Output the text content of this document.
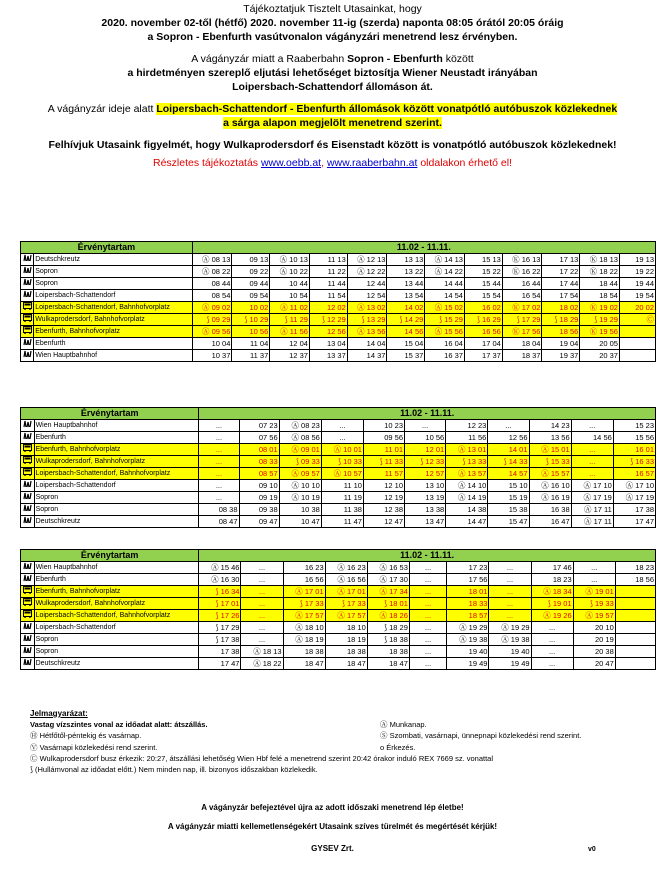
Tájékoztatjuk Tisztelt Utasainkat, hogy
2020. november 02-től (hétfő) 2020. november 11-ig (szerda) naponta 08:05 órától 20:05 óráig
a Sopron - Ebenfurth vasútvonalon vágányzári menetrend lesz érvényben.
A vágányzár miatt a Raaberbahn Sopron - Ebenfurth között
a hirdetményen szereplő eljutási lehetőséget biztosítja Wiener Neustadt irányában
Loipersbach-Schattendorf állomáson át.
A vágányzár ideje alatt Loipersbach-Schattendorf - Ebenfurth állomások között vonatpótló autóbuszok közlekednek
a sárga alapon megjelölt menetrend szerint.
Felhívjuk Utasaink figyelmét, hogy Wulkaprodersdorf és Eisenstadt között is vonatpótló autóbuszok közlekednek!
Részletes tájékoztatás www.oebb.at, www.raaberbahn.at oldalakon érhető el!
Érvénytartam		11.02 - 11.11.											
	Deutschkreutz	Ⓐ 08 13	09 13	Ⓐ 10 13	11 13	Ⓐ 12 13	13 13	Ⓐ 14 13	15 13	Ⓚ 16 13	17 13	Ⓚ 18 13	19 13
	Sopron	Ⓐ 08 22	09 22	Ⓐ 10 22	11 22	Ⓐ 12 22	13 22	Ⓐ 14 22	15 22	Ⓚ 16 22	17 22	Ⓚ 18 22	19 22
	Sopron	08 44	09 44	10 44	11 44	12 44	13 44	14 44	15 44	16 44	17 44	18 44	19 44
	Loipersbach-Schattendorf	08 54	09 54	10 54	11 54	12 54	13 54	14 54	15 54	16 54	17 54	18 54	19 54
	Loipersbach-Schattendorf, Bahnhofvorplatz	Ⓐ 09 02	10 02	Ⓐ 11 02	12 02	Ⓐ 13 02	14 02	Ⓐ 15 02	16 02	Ⓚ 17 02	18 02	Ⓚ 19 02	20 02
	Wulkaprodersdorf, Bahnhofvorplatz	⟆ 09 29	⟆ 10 29	⟆ 11 29	⟆ 12 29	⟆ 13 29	⟆ 14 29	⟆ 15 29	⟆ 16 29	⟆ 17 29	⟆ 18 29	⟆ 19 29	Ⓒ
	Ebenfurth, Bahnhofvorplatz	Ⓐ 09 56	10 56	Ⓐ 11 56	12 56	Ⓐ 13 56	14 56	Ⓐ 15 56	16 56	Ⓚ 17 56	18 56	Ⓚ 19 56	
	Ebenfurth	10 04	11 04	12 04	13 04	14 04	15 04	16 04	17 04	18 04	19 04	20 05	
	Wien Hauptbahnhof	10 37	11 37	12 37	13 37	14 37	15 37	16 37	17 37	18 37	19 37	20 37	
Érvénytartam		11.02 - 11.11.										
	Wien Hauptbahnhof	...	07 23	Ⓐ 08 23	...	10 23	...	12 23	...	14 23	...	15 23
	Ebenfurth	...	07 56	Ⓐ 08 56	...	09 56	10 56	11 56	12 56	13 56	14 56	15 56
	Ebenfurth, Bahnhofvorplatz	...	08 01	Ⓐ 09 01	Ⓐ 10 01	11 01	12 01	Ⓐ 13 01	14 01	Ⓐ 15 01	...	16 01
	Wulkaprodersdorf, Bahnhofvorplatz	...	08 33	⟆ 09 33	⟆ 10 33	⟆ 11 33	⟆ 12 33	⟆ 13 33	⟆ 14 33	⟆ 15 33	...	⟆ 16 33
	Loipersbach-Schattendorf, Bahnhofvorplatz	...	08 57	Ⓐ 09 57	Ⓐ 10 57	11 57	12 57	Ⓐ 13 57	14 57	Ⓐ 15 57	...	16 57
	Loipersbach-Schattendorf	...	09 10	Ⓐ 10 10	11 10	12 10	13 10	Ⓐ 14 10	15 10	Ⓐ 16 10	Ⓐ 17 10	Ⓐ 17 10
	Sopron	...	09 19	Ⓐ 10 19	11 19	12 19	13 19	Ⓐ 14 19	15 19	Ⓐ 16 19	Ⓐ 17 19	Ⓐ 17 19
	Sopron	08 38	09 38	10 38	11 38	12 38	13 38	14 38	15 38	16 38	Ⓐ 17 11	17 38
	Deutschkreutz	08 47	09 47	10 47	11 47	12 47	13 47	14 47	15 47	16 47	Ⓐ 17 11	17 47
Érvénytartam		11.02 - 11.11.										
	Wien Hauptbahnhof	Ⓐ 15 46	...	16 23	Ⓐ 16 23	Ⓐ 16 53	...	17 23	...	17 46	...	18 23
	Ebenfurth	Ⓐ 16 30	...	16 56	Ⓐ 16 56	Ⓐ 17 30	...	17 56	...	18 23	...	18 56
	Ebenfurth, Bahnhofvorplatz	⟆ 16 34	...	Ⓐ 17 01	Ⓐ 17 01	Ⓐ 17 34	...	18 01	...	Ⓐ 18 34	Ⓐ 19 01	
	Wulkaprodersdorf, Bahnhofvorplatz	⟆ 17 01	...	⟆ 17 33	⟆ 17 33	⟆ 18 01	...	18 33	...	⟆ 19 01	⟆ 19 33	
	Loipersbach-Schattendorf, Bahnhofvorplatz	⟆ 17 26	...	Ⓐ 17 57	Ⓐ 17 57	Ⓐ 18 26	...	18 57	...	Ⓐ 19 26	Ⓐ 19 57	
	Loipersbach-Schattendorf	⟆ 17 29	...	Ⓐ 18 10	18 10	⟆ 18 29	...	Ⓐ 19 29	Ⓐ 19 29	...	20 10	
	Sopron	⟆ 17 38	...	Ⓐ 18 19	18 19	⟆ 18 38	...	Ⓐ 19 38	Ⓐ 19 38	...	20 19	
	Sopron	17 38	Ⓐ 18 13	18 38	18 38	18 38	...	19 40	19 40	...	20 38	
	Deutschkreutz	17 47	Ⓐ 18 22	18 47	18 47	18 47	...	19 49	19 49	...	20 47	
Jelmagyarázat:
Vastag vízszintes vonal az időadat alatt: átszállás.	Ⓐ Munkanap.
Ⓗ Hétfőtől-péntekig és vasárnap.	Ⓢ Szombati, vasárnapi, ünnepnapi közlekedési rend szerint.
Ⓥ Vasárnapi közlekedési rend szerint.	o Érkezés.
Ⓒ Wulkaprodersdorf busz érkezik: 20:27, átszállási lehetőség Wien Hbf felé a menetrend szerint 20:42 órakor induló REX 7669 sz. vonattal
⟆ (Hullámvonal az időadat előtt.) Nem minden nap, ill. bizonyos időszakban közlekedik.
A vágányzár befejeztével újra az adott időszaki menetrend lép életbe!
A vágányzár miatti kellemetlenségekért Utasaink szíves türelmét és megértését kérjük!
GYSEV Zrt.	v0
